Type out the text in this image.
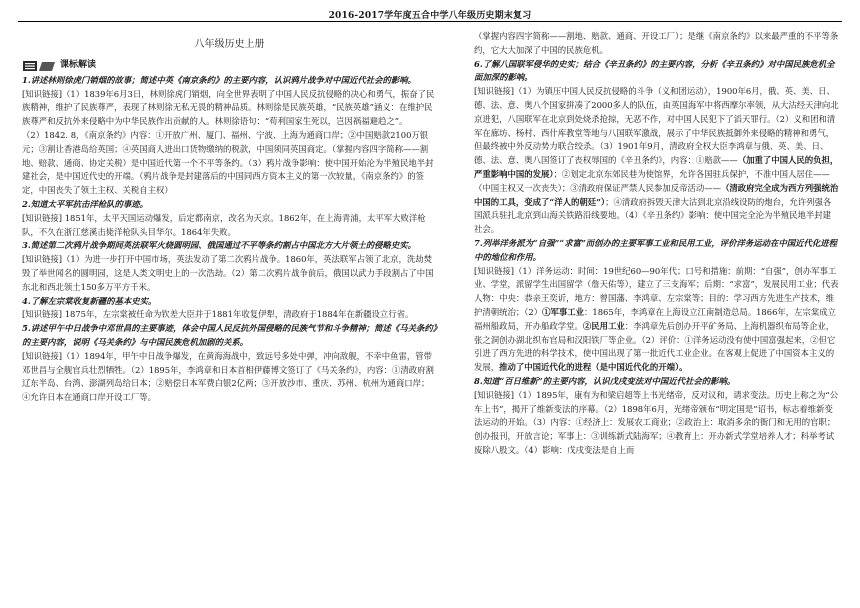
2016-2017学年度五合中学八年级历史期末复习
八年级历史上册
课标解读

1.讲述林则徐虎门销烟的故事；简述中英《南京条约》的主要内容，认识鸦片战争对中国近代社会的影响。

[知识链接]（1）1839年6月3日，林则徐虎门销烟，向全世界表明了中国人民反抗侵略的决心和勇气，振奋了民族精神，维护了民族尊严，表现了林则徐无私无畏的精神品质。林则徐是民族英雄，“民族英雄”涵义：在维护民族尊严和反抗外来侵略中为中华民族作出贡献的人。林则徐语句：“苟利国家生死以，岂因祸福避趋之”。

（2）1842. 8，《南京条约》内容：①开放广州、厦门、福州、宁波、上海为通商口岸；②中国赔款2100万银元；③割让香港岛给英国；④英国商人进出口货物缴纳的税款，中国须同英国商定。（掌握内容四字简称——割地、赔款、通商、协定关税）是中国近代第一个不平等条约。（3）鸦片战争影响：使中国开始沦为半殖民地半封建社会，是中国近代史的开端。（鸦片战争是封建落后的中国同西方资本主义的第一次较量，《南京条约》的签定，中国丧失了领土主权、关税自主权）

2.知道太平军抗击洋枪队的事迹。

[知识链接] 1851年，太平天国运动爆发，后定都南京，改名为天京。1862年，在上海青浦，太平军大败洋枪队，不久在浙江慈溪击毙洋枪队头目华尔。1864年失败。

3.简述第二次鸦片战争期间英法联军火烧圆明园、俄国通过不平等条约割占中国北方大片领土的侵略史实。

[知识链接]（1）为进一步打开中国市场，英法发动了第二次鸦片战争。1860年，英法联军占领了北京，洗劫焚毁了举世闻名的圆明园，这是人类文明史上的一次浩劫。（2）第二次鸦片战争前后，俄国以武力手段割占了中国东北和西北领土150多万平方千米。

4.了解左宗棠收复新疆的基本史实。

[知识链接] 1875年，左宗棠被任命为钦差大臣并于1881年收复伊犁，清政府于1884年在新疆设立行省。

5.讲述甲午中日战争中邓世昌的主要事迹，体会中国人民反抗外国侵略的民族气节和斗争精神；简述《马关条约》的主要内容，说明《马关条约》与中国民族危机加剧的关系。

[知识链接]（1）1894年，甲午中日战争爆发，在黄海海战中，致远号多处中弹，冲向敌舰，不幸中鱼雷，管带邓世昌与全舰官兵壮烈牺牲。（2）1895年，李鸿章和日本首相伊藤博文签订了《马关条约》，内容：①清政府割辽东半岛、台湾、澎湖列岛给日本；②赔偿日本军费白银2亿两；③开放沙市、重庆、苏州、杭州为通商口岸；④允许日本在通商口岸开设工厂等。

（掌握内容四字简称——割地、赔款、通商、开设工厂）；是继《南京条约》以来最严重的不平等条约，它大大加深了中国的民族危机。

6.了解八国联军侵华的史实；结合《辛丑条约》的主要内容，分析《辛丑条约》对中国民族危机全面加深的影响。

[知识链接]（1）为镇压中国人民反抗侵略的斗争（义和团运动），1900年6月，俄、英、美、日、德、法、意、奥八个国家拼凑了2000多人的队伍，由英国海军中将西摩尔率领，从大沽经天津向北京进犯，八国联军在北京到处烧杀抢掠，无恶不作，对中国人民犯下了滔天罪行。（2）义和团和清军在廊坊、杨村、西什库教堂等地与八国联军激战，展示了中华民族抵御外来侵略的精神和勇气，但最终被中外反动势力联合绞杀。（3）1901年9月，清政府全权大臣李鸿章与俄、英、美、日、德、法、意、奥八国签订了丧权辱国的《辛丑条约》，内容：①赔款——（加重了中国人民的负担，严重影响中国的发展）；②划定北京东郊民巷为使馆界，允许各国驻兵保护，不准中国人居住——（中国主权又一次丧失）；③清政府保证严禁人民参加反帝活动——（清政府完全成为西方列强统治中国的工具，变成了“洋人的朝廷”）；④清政府拆毁天津大沽到北京沿线设防的炮台，允许列强各国派兵驻扎北京到山海关铁路沿线要地。（4）《辛丑条约》影响：使中国完全沦为半殖民地半封建社会。

7.列举洋务派为“自强”“求富”而创办的主要军事工业和民用工业，评价洋务运动在中国近代化进程中的地位和作用。

[知识链接]（1）洋务运动：时间：19世纪60—90年代；口号和措施：前期：“自强”，创办军事工业、学堂，派留学生出国留学（詹天佑等），建立了三支海军；后期：“求富”，发展民用工业；代表人物：中央：恭亲王奕䜣，地方：曾国藩、李鸿章、左宗棠等；目的：学习西方先进生产技术，维护清朝统治；（2）①军事工业：1865年，李鸿章在上海设立江南制造总局。1866年，左宗棠成立福州船政局，开办船政学堂。②民用工业：李鸿章先后创办开平矿务局、上海机器织布局等企业，张之洞创办湖北织布官局和汉阳铁厂等企业。（2）评价：①洋务运动没有使中国富强起来，②但它引进了西方先进的科学技术，使中国出现了第一批近代工业企业。在客观上促进了中国资本主义的发展，推动了中国近代化的进程（是中国近代化的开端）。

8.知道“百日维新”的主要内容，认识戊戌变法对中国近代社会的影响。

[知识链接]（1）1895年，康有为和梁启超等上书光绪帝，反对议和，请求变法。历史上称之为“公车上书”，揭开了维新变法的序幕。（2）1898年6月，光绪帝颁布“明定国是”诏书，标志着维新变法运动的开始。（3）内容：①经济上：发展农工商业；②政治上：取消多余的衙门和无用的官职；创办报刊，开放言论；军事上：③训练新式陆海军；④教育上：开办新式学堂培养人才；科举考试废除八股文。（4）影响：戊戌变法是自上而
